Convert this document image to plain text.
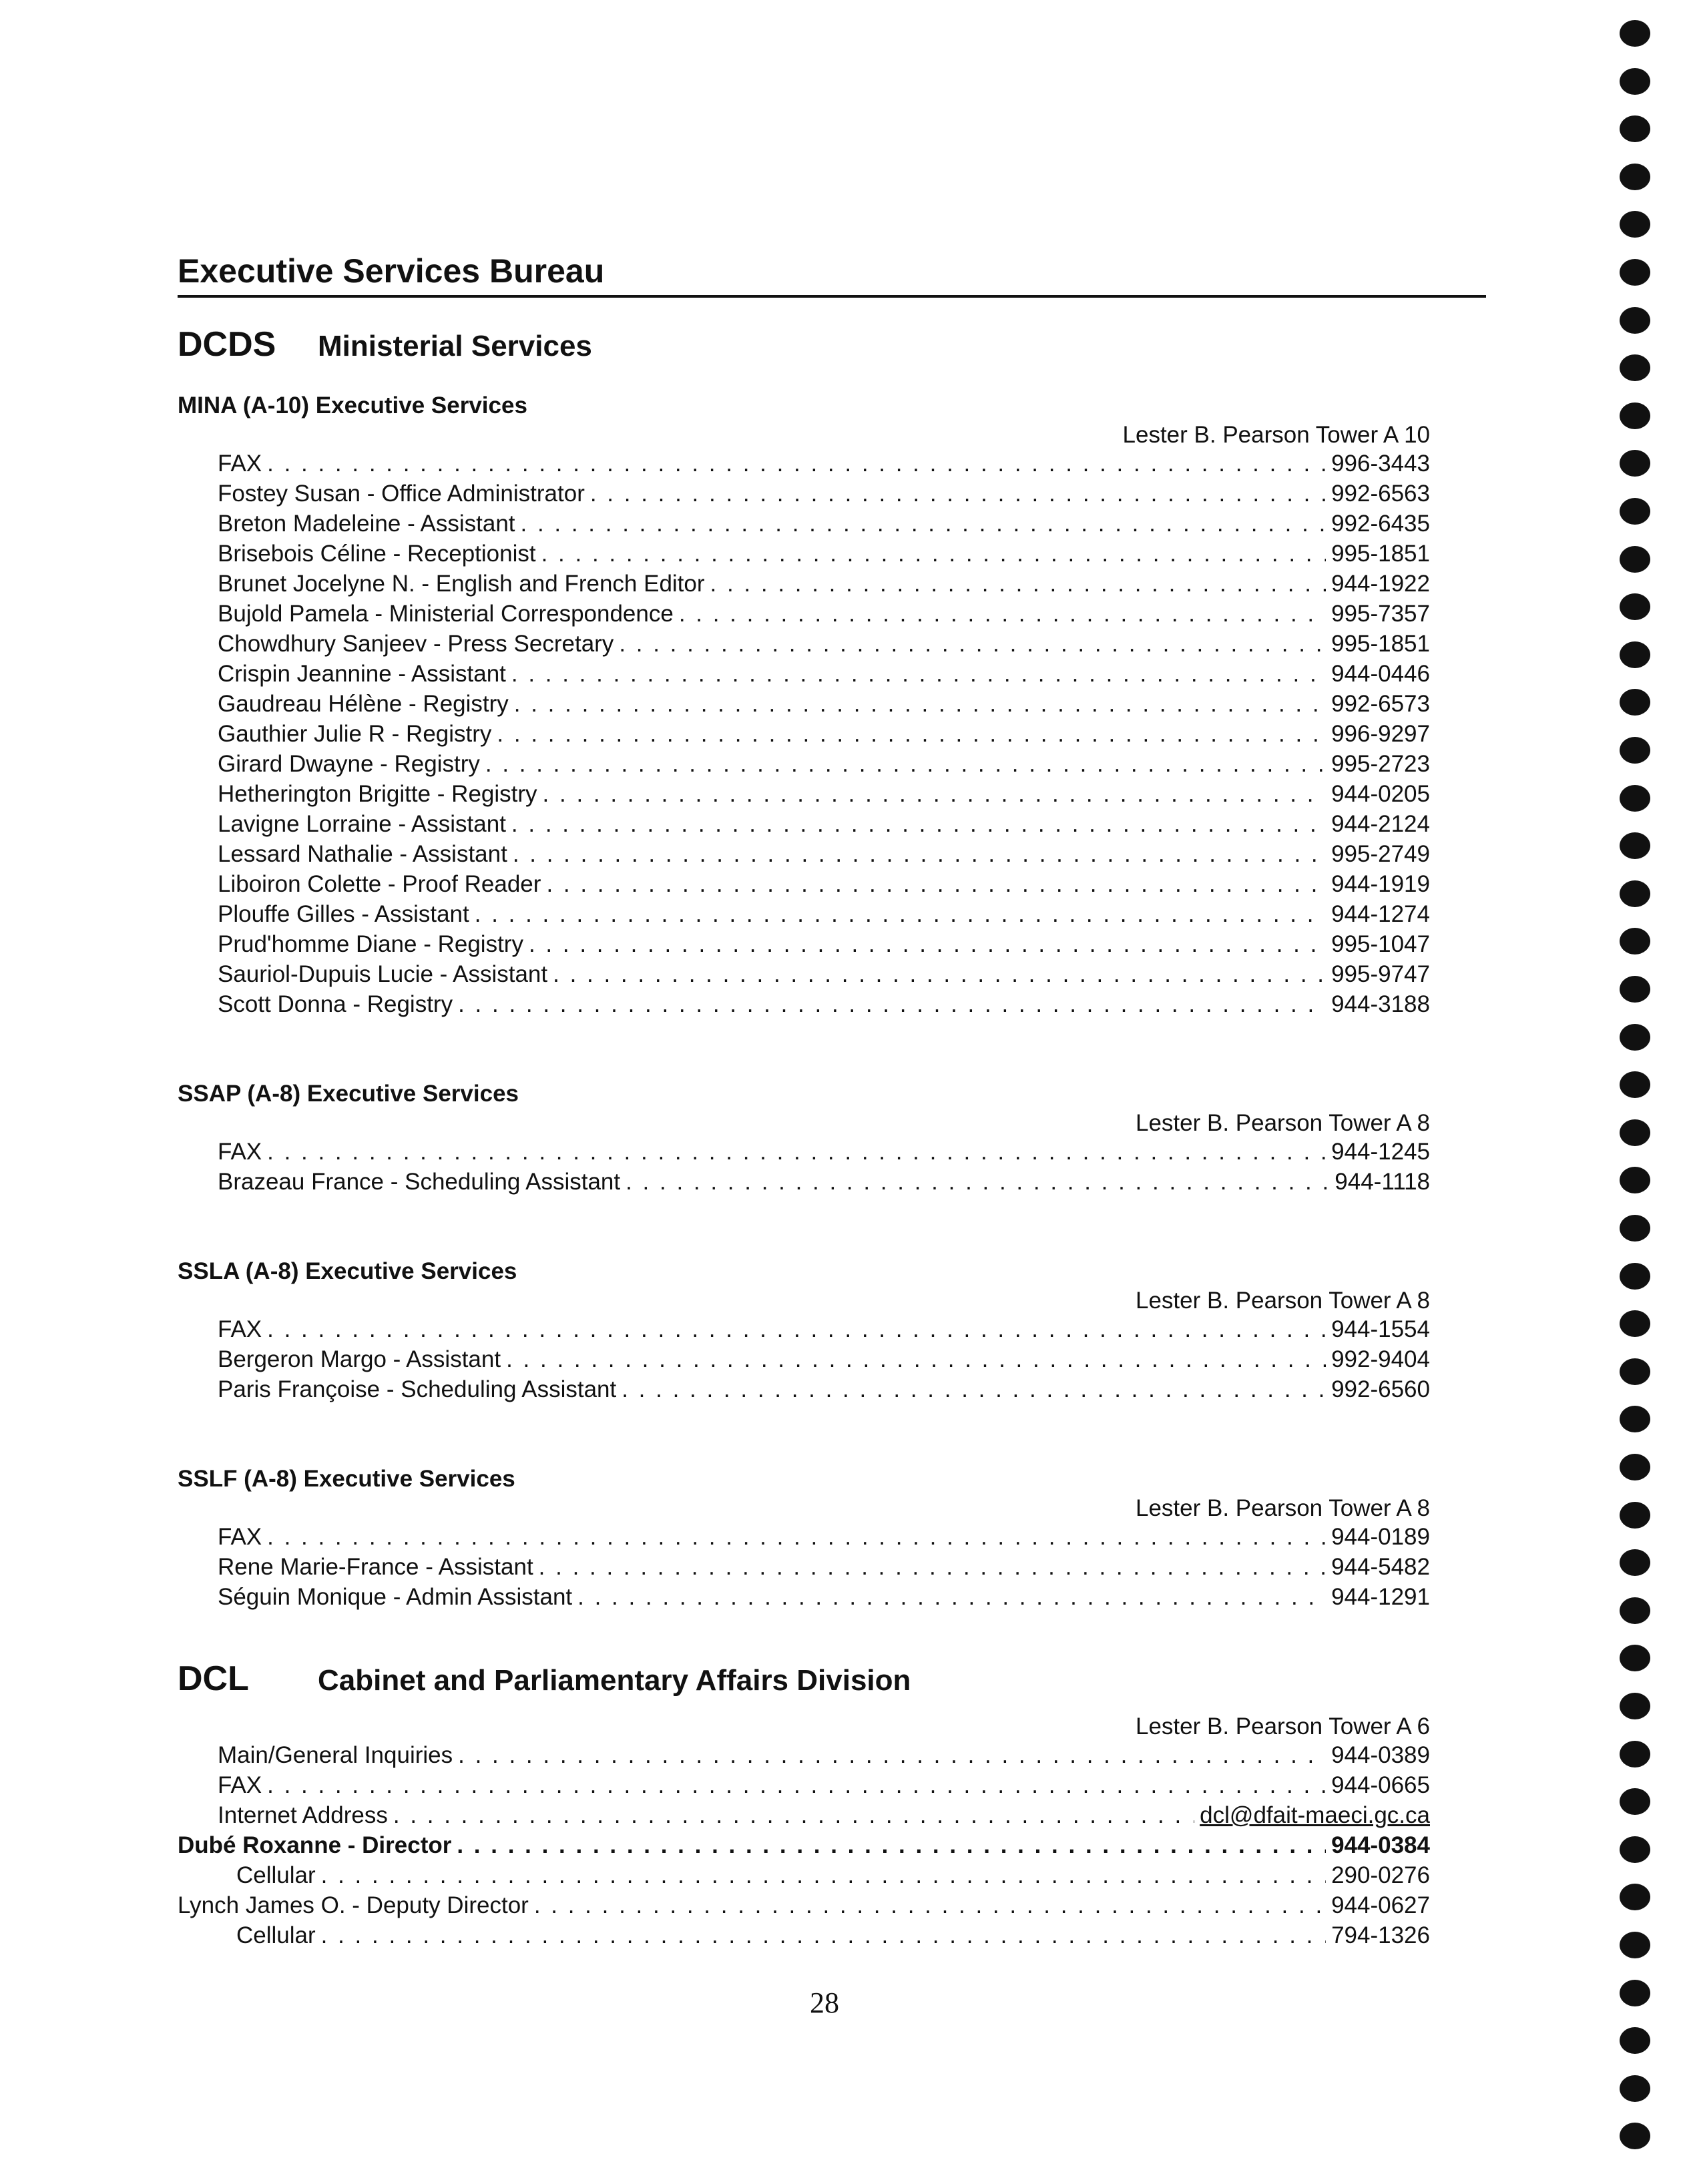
Executive Services Bureau
DCDS	Ministerial Services
MINA (A-10) Executive Services
Lester B. Pearson Tower A 10
FAX . . .	996-3443
Fostey Susan - Office Administrator . . .	992-6563
Breton Madeleine - Assistant . . .	992-6435
Brisebois Céline - Receptionist . . .	995-1851
Brunet Jocelyne N. - English and French Editor . . .	944-1922
Bujold Pamela - Ministerial Correspondence . . .	995-7357
Chowdhury Sanjeev - Press Secretary . . .	995-1851
Crispin Jeannine - Assistant . . .	944-0446
Gaudreau Hélène - Registry . . .	992-6573
Gauthier Julie R - Registry . . .	996-9297
Girard Dwayne - Registry . . .	995-2723
Hetherington Brigitte - Registry . . .	944-0205
Lavigne Lorraine - Assistant . . .	944-2124
Lessard Nathalie - Assistant . . .	995-2749
Liboiron Colette - Proof Reader . . .	944-1919
Plouffe Gilles - Assistant . . .	944-1274
Prud'homme Diane - Registry . . .	995-1047
Sauriol-Dupuis Lucie - Assistant . . .	995-9747
Scott Donna - Registry . . .	944-3188
SSAP (A-8) Executive Services
Lester B. Pearson Tower A 8
FAX . . .	944-1245
Brazeau France - Scheduling Assistant . . .	944-1118
SSLA (A-8) Executive Services
Lester B. Pearson Tower A 8
FAX . . .	944-1554
Bergeron Margo - Assistant . . .	992-9404
Paris Françoise - Scheduling Assistant . . .	992-6560
SSLF (A-8) Executive Services
Lester B. Pearson Tower A 8
FAX . . .	944-0189
Rene Marie-France - Assistant . . .	944-5482
Séguin Monique - Admin Assistant . . .	944-1291
DCL	Cabinet and Parliamentary Affairs Division
Lester B. Pearson Tower A 6
Main/General Inquiries . . .	944-0389
FAX . . .	944-0665
Internet Address . . .	dcl@dfait-maeci.gc.ca
Dubé Roxanne - Director . . .	944-0384
Cellular . . .	290-0276
Lynch James O. - Deputy Director . . .	944-0627
Cellular . . .	794-1326
28
